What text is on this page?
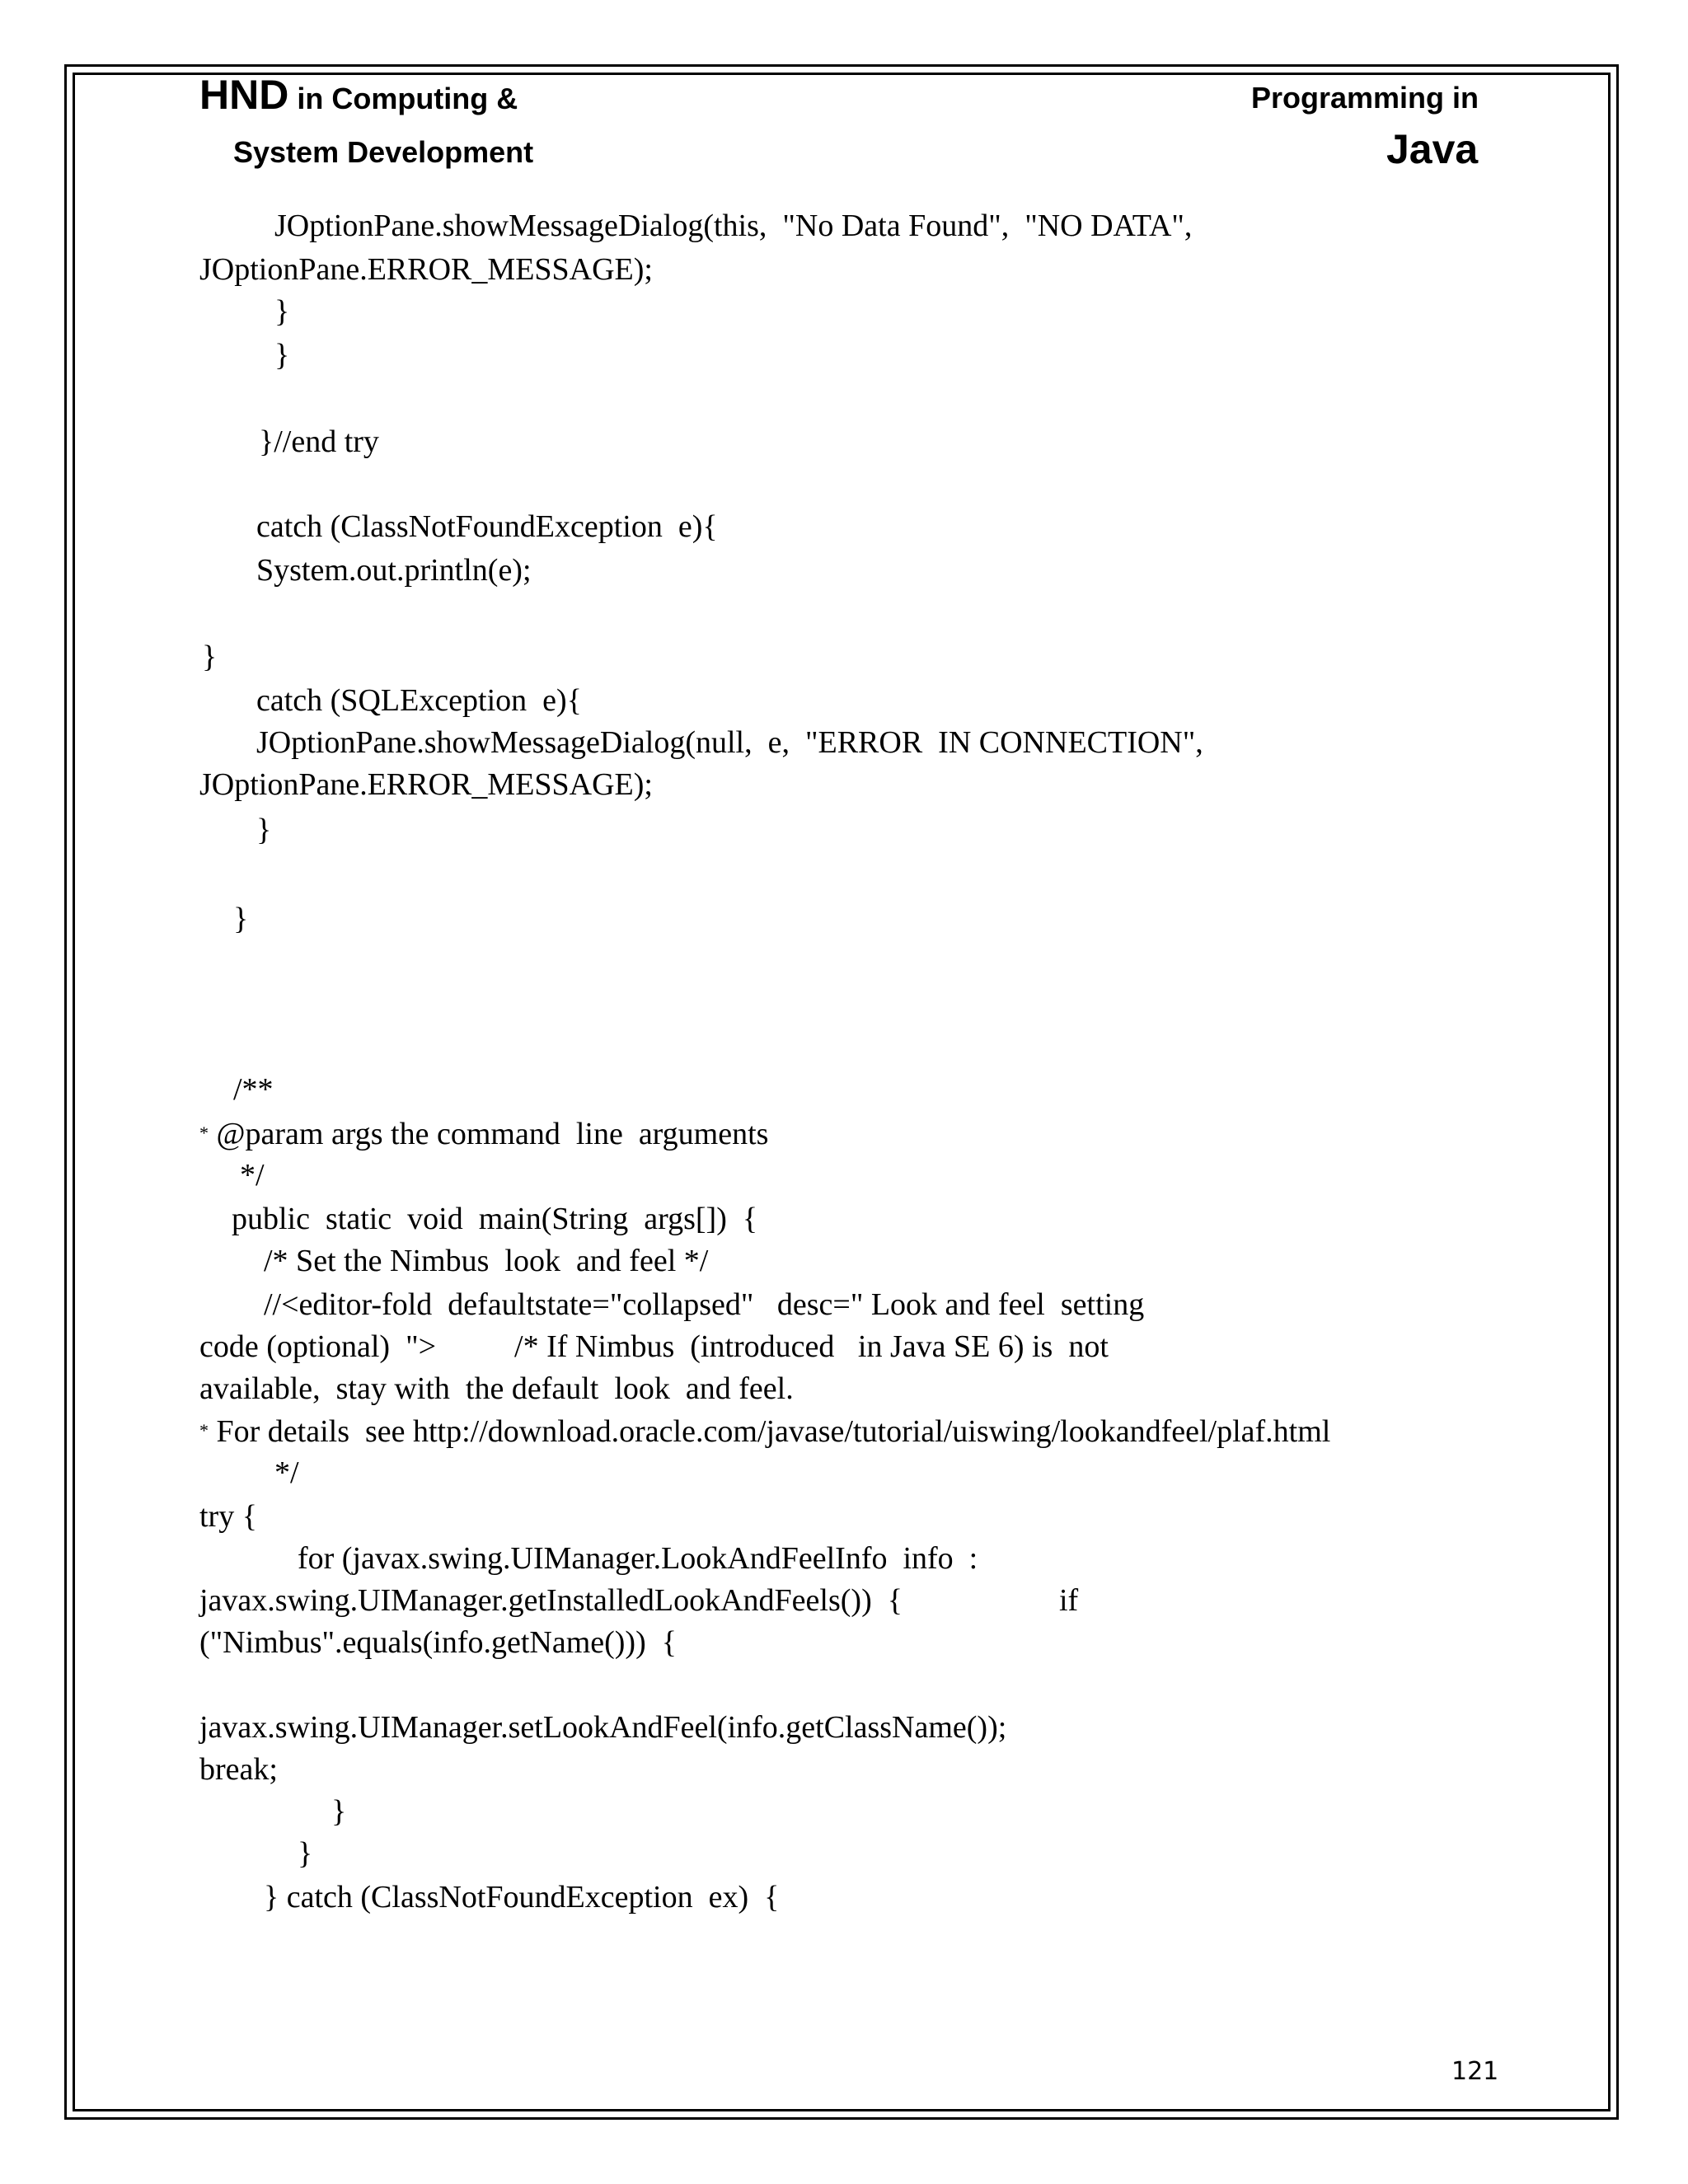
HND in Computing &
System Development
Programming in
Java
JOptionPane.showMessageDialog(this,  "No Data Found",  "NO DATA",
JOptionPane.ERROR_MESSAGE);
}
}
}//end try
catch (ClassNotFoundException  e){
System.out.println(e);
}
catch (SQLException  e){
JOptionPane.showMessageDialog(null,  e,  "ERROR  IN CONNECTION",
JOptionPane.ERROR_MESSAGE);
}
}
/**
* @param args the command  line  arguments
*/
public  static  void  main(String  args[])  {
/* Set the Nimbus  look  and feel */
//<editor-fold  defaultstate="collapsed"   desc=" Look and feel  setting
code (optional)  ">          /* If Nimbus  (introduced   in Java SE 6) is  not
available,  stay with  the default  look  and feel.
* For details  see http://download.oracle.com/javase/tutorial/uiswing/lookandfeel/plaf.html
*/
try {
for (javax.swing.UIManager.LookAndFeelInfo  info  :
javax.swing.UIManager.getInstalledLookAndFeels())  {                    if
("Nimbus".equals(info.getName()))  {
javax.swing.UIManager.setLookAndFeel(info.getClassName());
break;
}
}
} catch (ClassNotFoundException  ex)  {
121
